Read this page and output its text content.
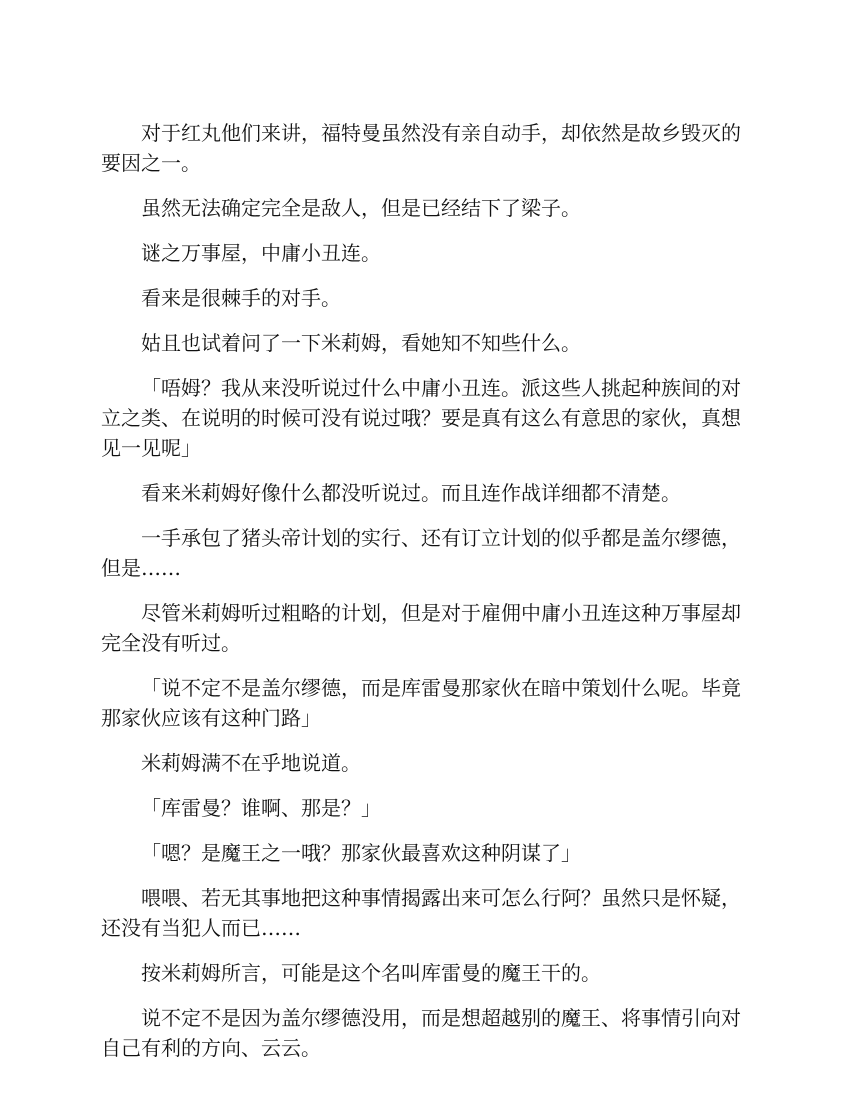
对于红丸他们来讲，福特曼虽然没有亲自动手，却依然是故乡毁灭的要因之一。

虽然无法确定完全是敌人，但是已经结下了梁子。

谜之万事屋，中庸小丑连。

看来是很棘手的对手。

姑且也试着问了一下米莉姆，看她知不知些什么。

「唔姆？我从来没听说过什么中庸小丑连。派这些人挑起种族间的对立之类、在说明的时候可没有说过哦？要是真有这么有意思的家伙，真想见一见呢」

看来米莉姆好像什么都没听说过。而且连作战详细都不清楚。

一手承包了猪头帝计划的实行、还有订立计划的似乎都是盖尔缪德，但是……

尽管米莉姆听过粗略的计划，但是对于雇佣中庸小丑连这种万事屋却完全没有听过。

「说不定不是盖尔缪德，而是库雷曼那家伙在暗中策划什么呢。毕竟那家伙应该有这种门路」

米莉姆满不在乎地说道。

「库雷曼？谁啊、那是？」

「嗯？是魔王之一哦？那家伙最喜欢这种阴谋了」

喂喂、若无其事地把这种事情揭露出来可怎么行阿？虽然只是怀疑，还没有当犯人而已……

按米莉姆所言，可能是这个名叫库雷曼的魔王干的。

说不定不是因为盖尔缪德没用，而是想超越别的魔王、将事情引向对自己有利的方向、云云。
